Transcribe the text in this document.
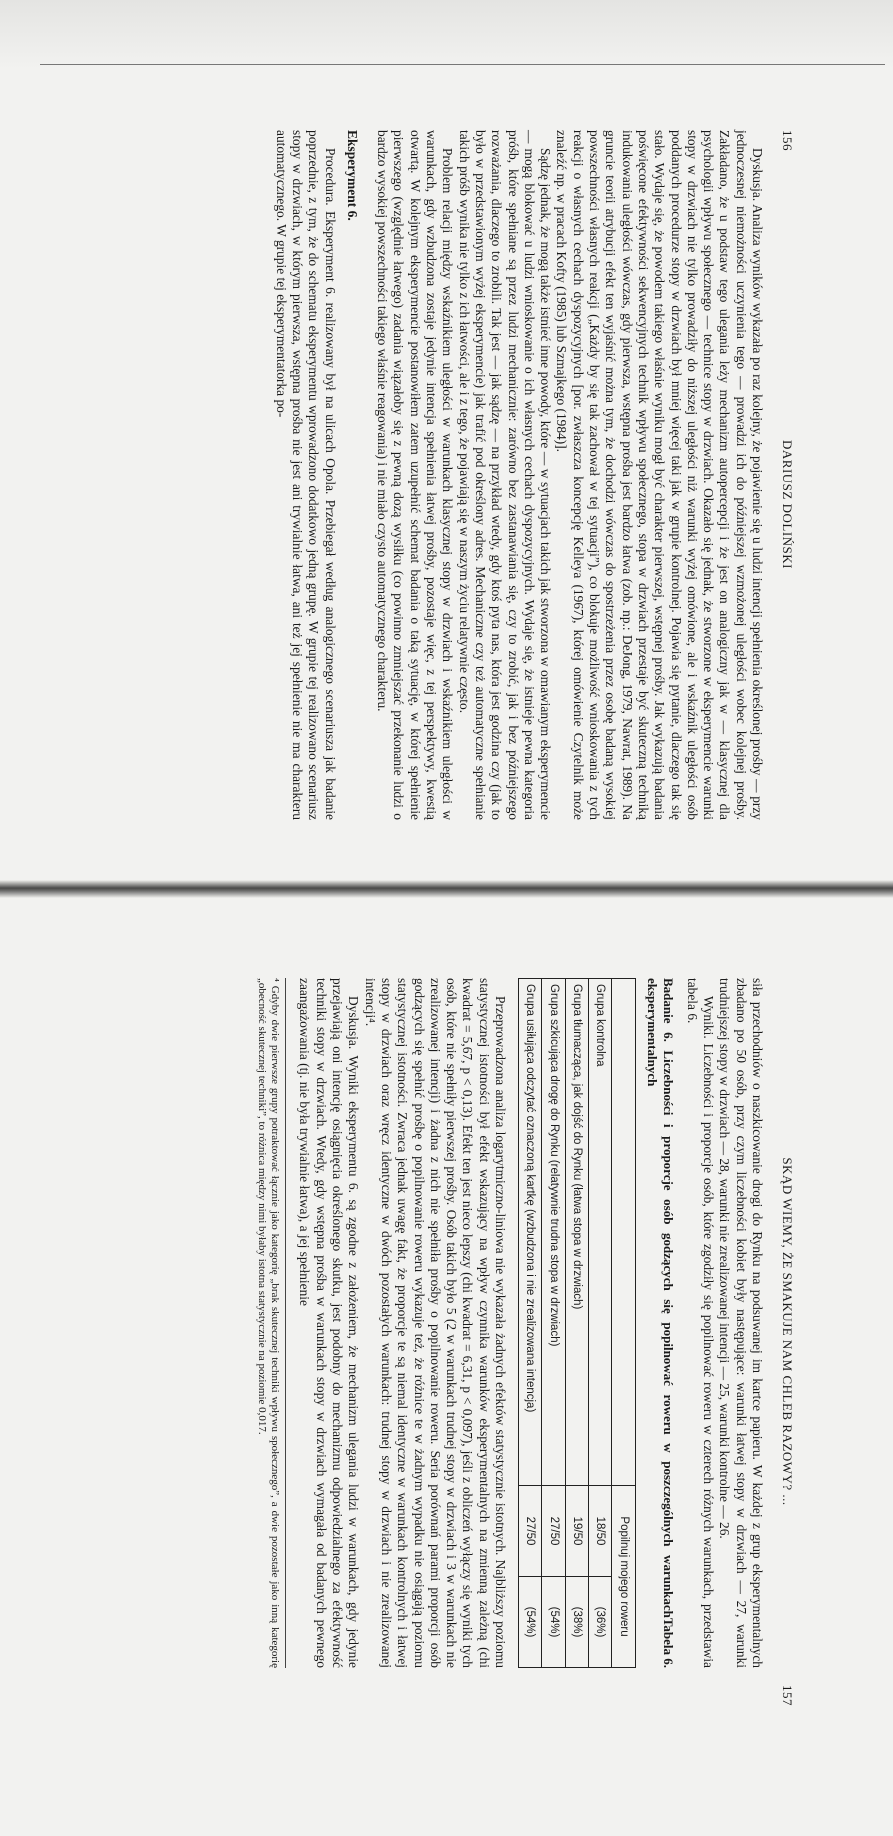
156
DARIUSZ DOLIŃSKI

Dyskusja. Analiza wyników wykazała po raz kolejny, że pojawienie się u ludzi intencji spełnienia określonej prośby — przy jednoczesnej niemożności uczynienia tego — prowadzi ich do późniejszej wzmożonej uległości wobec kolejnej prośby. Zakładano, że u podstaw tego ulegania leży mechanizm autopercepcji i że jest on analogiczny jak w — klasycznej dla psychologii wpływu społecznego — technice stopy w drzwiach. Okazało się jednak, że stworzone w eksperymencie warunki stopy w drzwiach nie tylko prowadziły do niższej uległości niż warunki wyżej omówione, ale i wskaźnik uległości osób poddanych procedurze stopy w drzwiach był mniej więcej taki jak w grupie kontrolnej. Pojawia się pytanie, dlaczego tak się stało. Wydaje się, że powodem takiego właśnie wyniku mogł być charakter pierwszej, wstępnej prośby. Jak wykazują badania poświęcone efektywności sekwencyjnych technik wpływu społecznego, stopa w drzwiach przestaje być skuteczną techniką indukowania uległości wówczas, gdy pierwsza, wstępna prośba jest bardzo łatwa (zob. np.: DeJong, 1979, Nawrat, 1989). Na gruncie teorii atrybucji efekt ten wyjaśnić można tym, że dochodzi wówczas do spostrzeżenia przez osobę badaną wysokiej powszechności własnych reakcji („Każdy by się tak zachował w tej sytuacji”), co blokuje możliwość wnioskowania z tych reakcji o własnych cechach dyspozycyjnych [por. zwłaszcza koncepcję Kelleya (1967), której omówienie Czytelnik może znaleźć np. w pracach Kofty (1985) lub Szmajkego (1984)].

Sądzę jednak, że mogą także istnieć inne powody, które — w sytuacjach takich jak stworzona w omawianym eksperymencie — mogą blokować u ludzi wnioskowanie o ich własnych cechach dyspozycyjnych. Wydaje się, że istnieje pewna kategoria próśb, które spełniane są przez ludzi mechanicznie: zarówno bez zastanawiania się, czy to zrobić, jak i bez późniejszego rozważania, dlaczego to zrobili. Tak jest — jak sądzę — na przykład wtedy, gdy ktoś pyta nas, która jest godzina czy (jak to było w przedstawionym wyżej eksperymencie) jak trafić pod określony adres. Mechaniczne czy też automatyczne spełnianie takich próśb wynika nie tylko z ich łatwości, ale i z tego, że pojawiają się w naszym życiu relatywnie często.

Problem relacji między wskaźnikiem uległości w warunkach klasycznej stopy w drzwiach i wskaźnikiem uległości w warunkach, gdy wzbudzona zostaje jedynie intencja spełnienia łatwej prośby, pozostaje więc, z tej perspektywy, kwestią otwartą. W kolejnym eksperymencie postanowiłem zatem uzupełnić schemat badania o taką sytuację, w której spełnienie pierwszego (względnie łatwego) zadania wiązałoby się z pewną dozą wysiłku (co powinno zmniejszać przekonanie ludzi o bardzo wysokiej powszechności takiego właśnie reagowania) i nie miało czysto automatycznego charakteru.

Eksperyment 6.

Procedura. Eksperyment 6. realizowany był na ulicach Opola. Przebiegał według analogicznego scenariusza jak badanie poprzednie, z tym, że do schematu eksperymentu wprowadzono dodatkowo jedną grupę. W grupie tej realizowano scenariusz stopy w drzwiach, w którym pierwsza, wstępna prośba nie jest ani trywialnie łatwa, ani też jej spełnienie nie ma charakteru automatycznego. W grupie tej eksperymentatorka po-

SKĄD WIEMY, ŻE SMAKUJE NAM CHLEB RAZOWY? ...
157

siła przechodniów o naszkicowanie drogi do Rynku na podsuwanej im kartce papieru. W każdej z grup eksperymentalnych zbadano po 50 osób, przy czym liczebności kobiet były następujące: warunki łatwej stopy w drzwiach — 27, warunki trudniejszej stopy w drzwiach — 28, warunki nie zrealizowanej intencji — 25, warunki kontrolne — 26.

Wyniki. Liczebności i proporcje osób, które zgodziły się popilnować roweru w czterech różnych warunkach, przedstawia tabela 6.

Tabela 6.
Badanie 6. Liczebności i proporcje osób godzących się popilnować roweru w poszczególnych warunkach eksperymentalnych
	Popilnuj mojego roweru	
Grupa kontrolna	18/50	(36%)
Grupa tłumacząca, jak dojść do Rynku (łatwa stopa w drzwiach)	19/50	(38%)
Grupa szkicująca drogę do Rynku (relatywnie trudna stopa w drzwiach)	27/50	(54%)
Grupa usiłująca odczytać oznaczoną kartkę (wzbudzona i nie zrealizowana intencja)	27/50	(54%)

Przeprowadzona analiza logarytmiczno-liniowa nie wykazała żadnych efektów statystycznie istotnych. Najbliższy poziomu statystycznej istotności był efekt wskazujący na wpływ czynnika warunków eksperymentalnych na zmienną zależną (chi kwadrat = 5,67, p < 0,13). Efekt ten jest nieco lepszy (chi kwadrat = 6,31, p < 0,097), jeśli z obliczeń wyłączy się wyniki tych osób, które nie spełniły pierwszej prośby. Osób takich było 5 (2 w warunkach trudnej stopy w drzwiach i 3 w warunkach nie zrealizowanej intencji) i żadna z nich nie spełniła prośby o popilnowanie roweru. Seria porównań parami proporcji osób godzących się spełnić prośbę o popilnowanie roweru wykazuje też, że różnice te w żadnym wypadku nie osiągają poziomu statystycznej istotności. Zwraca jednak uwagę fakt, że proporcje te są niemal identyczne w warunkach kontrolnych i łatwej stopy w drzwiach oraz wręcz identyczne w dwóch pozostałych warunkach: trudnej stopy w drzwiach i nie zrealizowanej intencji⁴.

Dyskusja. Wyniki eksperymentu 6. są zgodne z założeniem, że mechanizm ulegania ludzi w warunkach, gdy jedynie przejawiają oni intencję osiągnięcia określonego skutku, jest podobny do mechanizmu odpowiedzialnego za efektywność techniki stopy w drzwiach. Wtedy, gdy wstępna prośba w warunkach stopy w drzwiach wymagała od badanych pewnego zaangażowania (tj. nie była trywialnie łatwa), a jej spełnienie

⁴ Gdyby dwie pierwsze grupy potraktować łącznie jako kategorię „brak skutecznej techniki wpływu społecznego”, a dwie pozostałe jako inną kategorię „obecność skutecznej techniki”, to różnica między nimi byłaby istotna statystycznie na poziomie 0,017.
